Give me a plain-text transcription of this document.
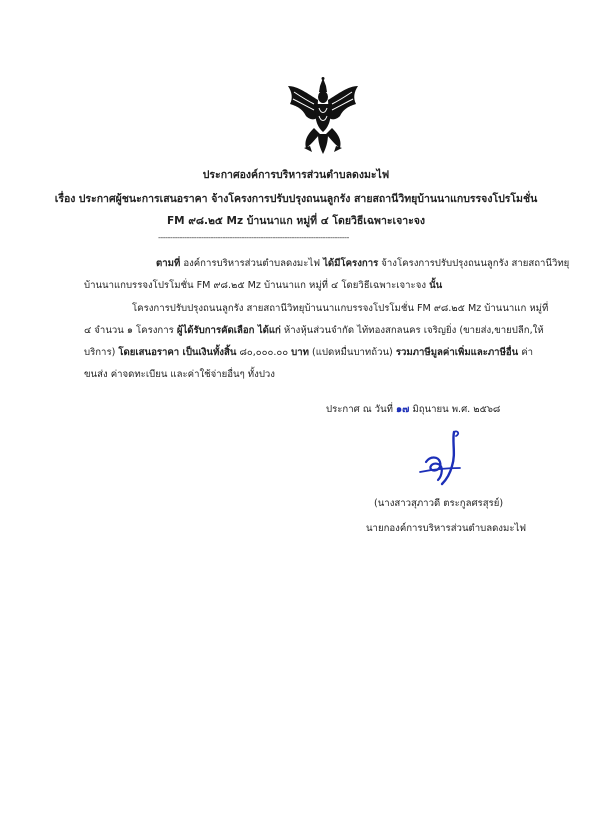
ประกาศองค์การบริหารส่วนตำบลดงมะไฟ
เรื่อง ประกาศผู้ชนะการเสนอราคา จ้างโครงการปรับปรุงถนนลูกรัง สายสถานีวิทยุบ้านนาแกบรรจงโปรโมชั่น
FM ๙๘.๒๕ Mz บ้านนาแก หมู่ที่ ๔ โดยวิธีเฉพาะเจาะจง
--------------------------------------------------------------------------------
ตามที่ องค์การบริหารส่วนตำบลดงมะไฟ ได้มีโครงการ จ้างโครงการปรับปรุงถนนลูกรัง สายสถานีวิทยุ
บ้านนาแกบรรจงโปรโมชั่น FM ๙๘.๒๕ Mz บ้านนาแก หมู่ที่ ๔ โดยวิธีเฉพาะเจาะจง นั้น
โครงการปรับปรุงถนนลูกรัง สายสถานีวิทยุบ้านนาแกบรรจงโปรโมชั่น FM ๙๘.๒๕ Mz บ้านนาแก หมู่ที่
๔ จำนวน ๑ โครงการ ผู้ได้รับการคัดเลือก ได้แก่ ห้างหุ้นส่วนจำกัด ไท้ทองสกลนคร เจริญยิ่ง (ขายส่ง,ขายปลีก,ให้
บริการ) โดยเสนอราคา เป็นเงินทั้งสิ้น ๘๐,๐๐๐.๐๐ บาท (แปดหมื่นบาทถ้วน) รวมภาษีมูลค่าเพิ่มและภาษีอื่น ค่า
ขนส่ง ค่าจดทะเบียน และค่าใช้จ่ายอื่นๆ ทั้งปวง
ประกาศ ณ วันที่ ๑๗ มิถุนายน พ.ศ. ๒๕๖๘
(นางสาวสุภาวดี ตระกูลศรสุรย์)
นายกองค์การบริหารส่วนตำบลดงมะไฟ
